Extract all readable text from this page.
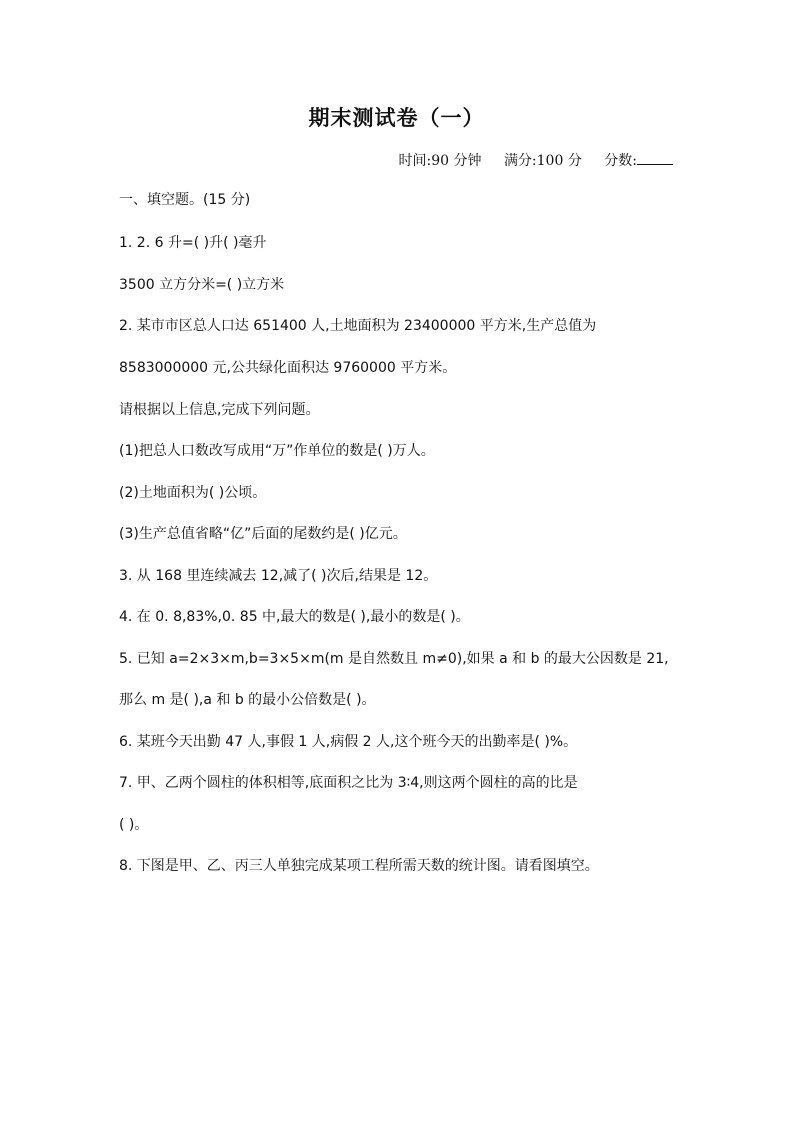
期末测试卷（一）
时间:90 分钟 满分:100 分 分数:
一、填空题。(15 分)
1. 2. 6 升=( )升( )毫升
3500 立方分米=( )立方米
2. 某市市区总人口达 651400 人,土地面积为 23400000 平方米,生产总值为
8583000000 元,公共绿化面积达 9760000 平方米。
请根据以上信息,完成下列问题。
(1)把总人口数改写成用“万”作单位的数是( )万人。
(2)土地面积为( )公顷。
(3)生产总值省略“亿”后面的尾数约是( )亿元。
3. 从 168 里连续减去 12,减了( )次后,结果是 12。
4. 在 0. 8,83%,0. 85 中,最大的数是( ),最小的数是( )。
5. 已知 a=2×3×m,b=3×5×m(m 是自然数且 m≠0),如果 a 和 b 的最大公因数是 21,
那么 m 是( ),a 和 b 的最小公倍数是( )。
6. 某班今天出勤 47 人,事假 1 人,病假 2 人,这个班今天的出勤率是( )%。
7. 甲、乙两个圆柱的体积相等,底面积之比为 3∶4,则这两个圆柱的高的比是
( )。
8. 下图是甲、乙、丙三人单独完成某项工程所需天数的统计图。请看图填空。
